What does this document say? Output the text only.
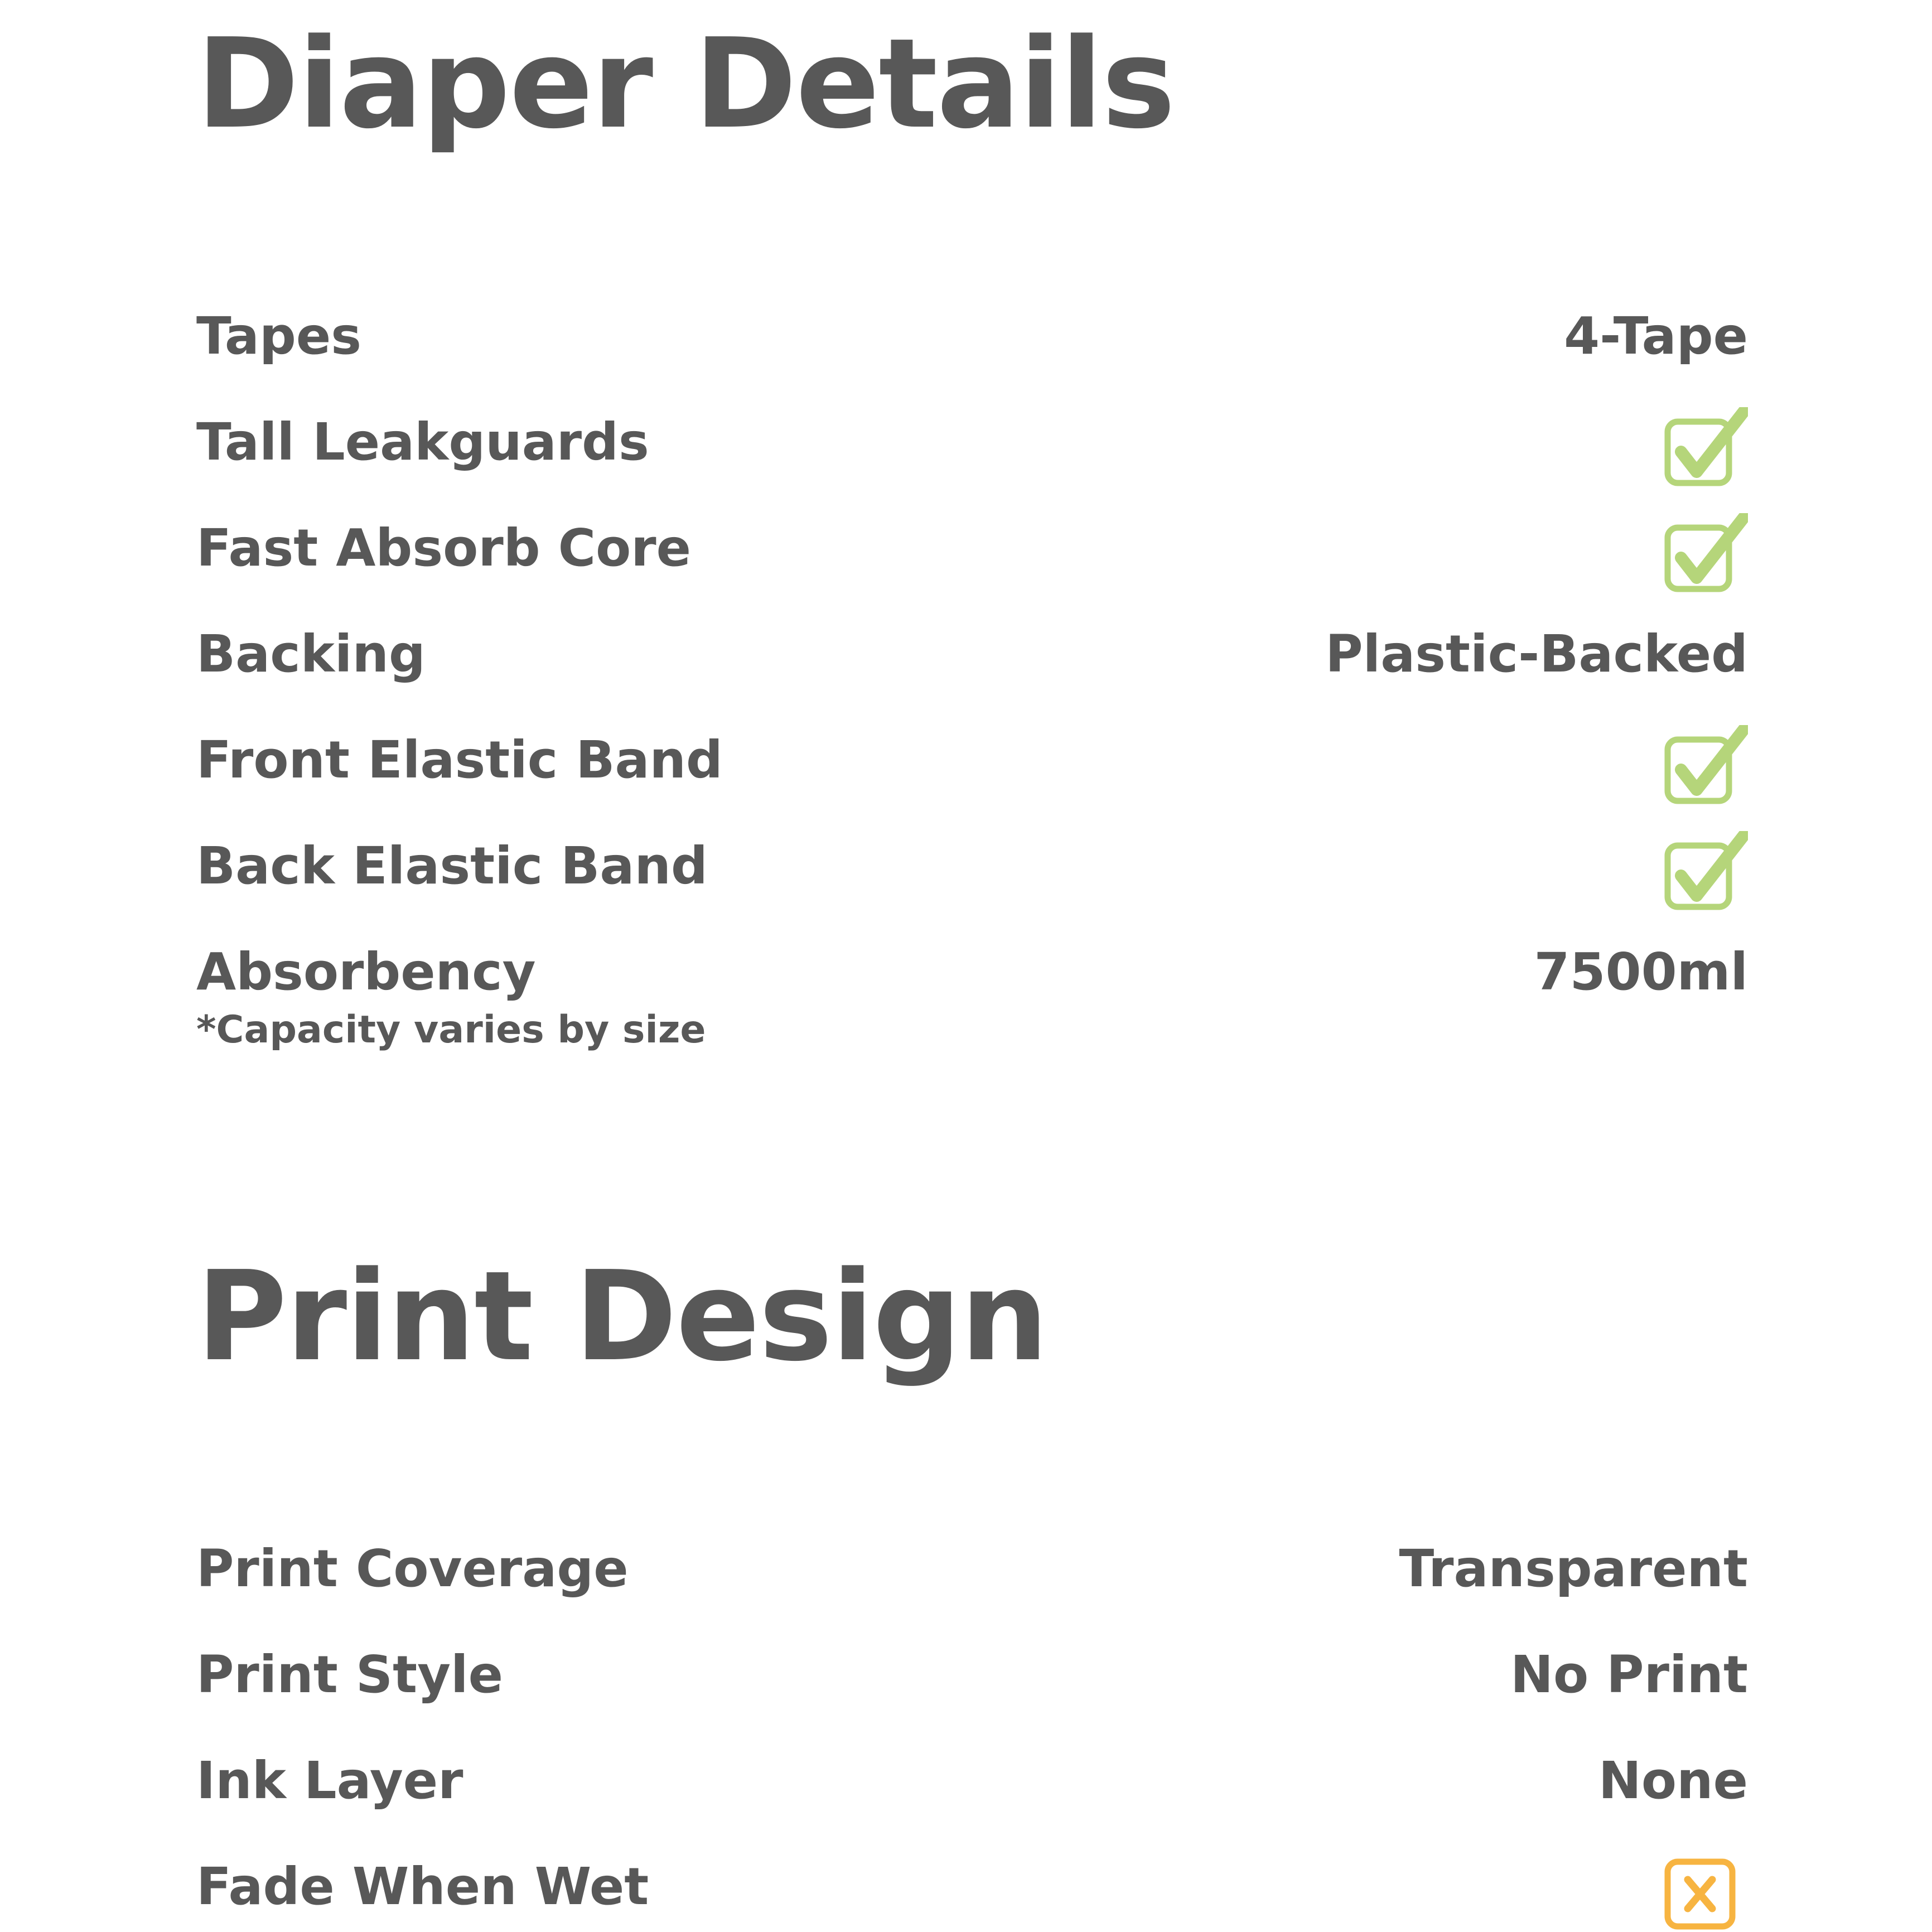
Diaper Details
Tapes	4-Tape
Tall Leakguards
Fast Absorb Core
Backing	Plastic-Backed
Front Elastic Band
Back Elastic Band
Absorbency	7500ml
*Capacity varies by size
Print Design
Print Coverage	Transparent
Print Style	No Print
Ink Layer	None
Fade When Wet
